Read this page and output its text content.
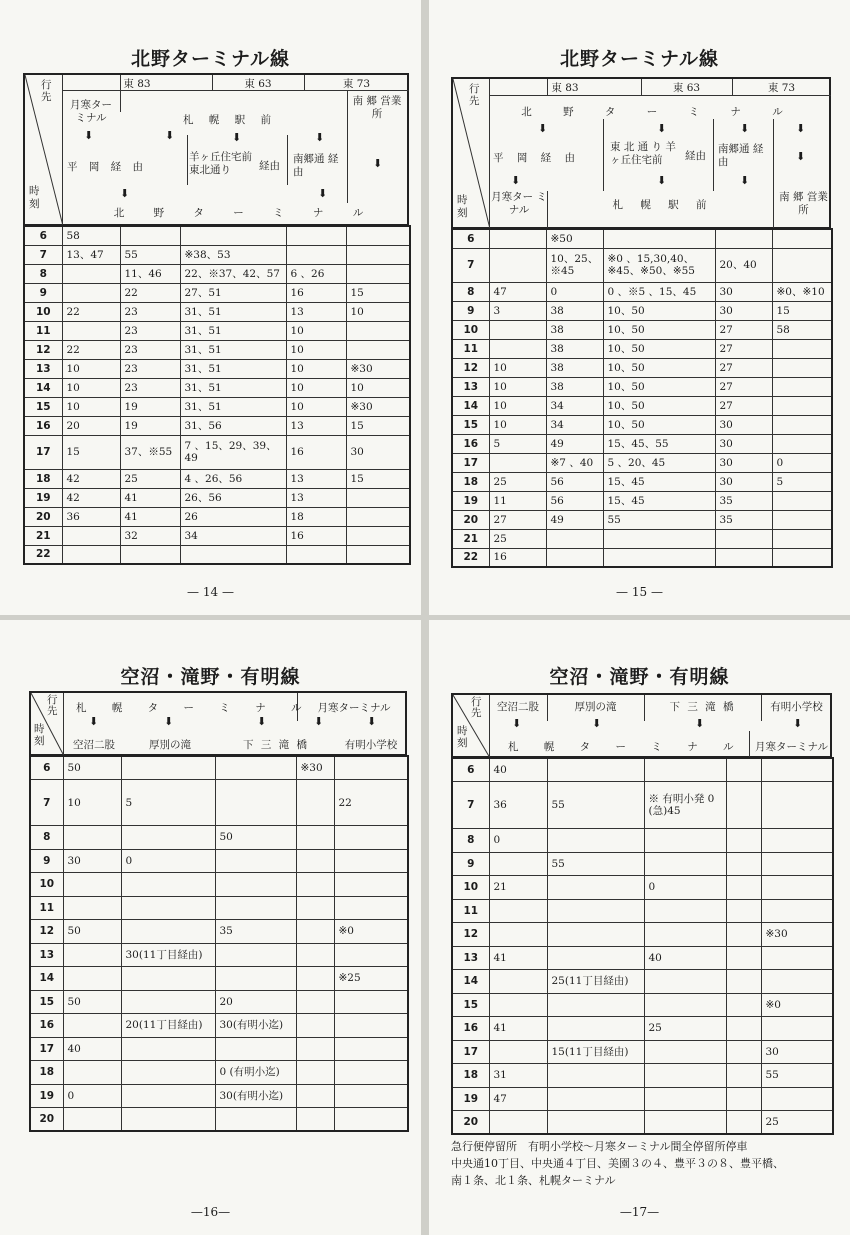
北野ターミナル線
行先
時刻
東 83	東 63	東 73
月寒ター ミナル	札 幌 駅 前
南 郷 営業所
⬇	⬇	⬇	⬇
⬇
平 岡 経 由
羊ヶ丘住宅前 東北通り	経由
南郷通 経 由
⬇	⬇
北 野 タ ー ミ ナ ル
6	58				
7	13、47	55	※38、53		
8		11、46	22、※37、42、57	6 、26	
9		22	27、51	16	15
10	22	23	31、51	13	10
11		23	31、51	10	
12	22	23	31、51	10	
13	10	23	31、51	10	※30
14	10	23	31、51	10	10
15	10	19	31、51	10	※30
16	20	19	31、56	13	15
17	15	37、※55	7 、15、29、39、49	16	30
18	42	25	4 、26、56	13	15
19	42	41	26、56	13	
20	36	41	26	18	
21		32	34	16	
22					
— 14 —
北野ターミナル線
行先
時刻
東 83	東 63	東 73
北 野 タ ー ミ ナ ル
⬇	⬇	⬇	⬇
平 岡 経 由
東 北 通 り 羊ヶ丘住宅前	経由
南郷通 経 由	⬇
⬇	⬇	⬇
月寒ター ミナル	札 幌 駅 前
南 郷 営業所
6		※50			
7		10、25、※45	※0 、15,30,40、※45、※50、※55	20、40	
8	47	0	0 、※5 、15、45	30	※0、※10
9	3	38	10、50	30	15
10		38	10、50	27	58
11		38	10、50	27	
12	10	38	10、50	27	
13	10	38	10、50	27	
14	10	34	10、50	27	
15	10	34	10、50	30	
16	5	49	15、45、55	30	
17		※7 、40	5 、20、45	30	0
18	25	56	15、45	30	5
19	11	56	15、45	35	
20	27	49	55	35	
21	25				
22	16				
— 15 —
空沼・滝野・有明線
行先
時刻
札 幌 タ ー ミ ナ ル 月寒ターミナル
⬇	⬇	⬇	⬇	⬇
空沼二股	厚別の滝	下 三 滝 橋	有明小学校
6	50			※30	
7	10	5			22
8			50		
9	30	0			
10					
11					
12	50		35		※0
13		30(11丁目経由)			
14					※25
15	50		20		
16		20(11丁目経由)	30(有明小迄)		
17	40				
18			0 (有明小迄)		
19	0		30(有明小迄)		
20					
—16—
空沼・滝野・有明線
行先
時刻
空沼二股	厚別の滝	下 三 滝 橋	有明小学校
⬇	⬇	⬇	⬇
札 幌 タ ー ミ ナ ル 月寒ターミナル
6	40				
7	36	55	※ 有明小発 0 (急)45		
8	0				
9		55			
10	21		0		
11					
12					※30
13	41		40		
14		25(11丁目経由)			
15					※0
16	41		25		
17		15(11丁目経由)			30
18	31				55
19	47				
20					25
急行便停留所　有明小学校〜月寒ターミナル間全停留所停車
中央通10丁目、中央通４丁目、美園３の４、豊平３の８、豊平橋、
南１条、北１条、札幌ターミナル
—17—
